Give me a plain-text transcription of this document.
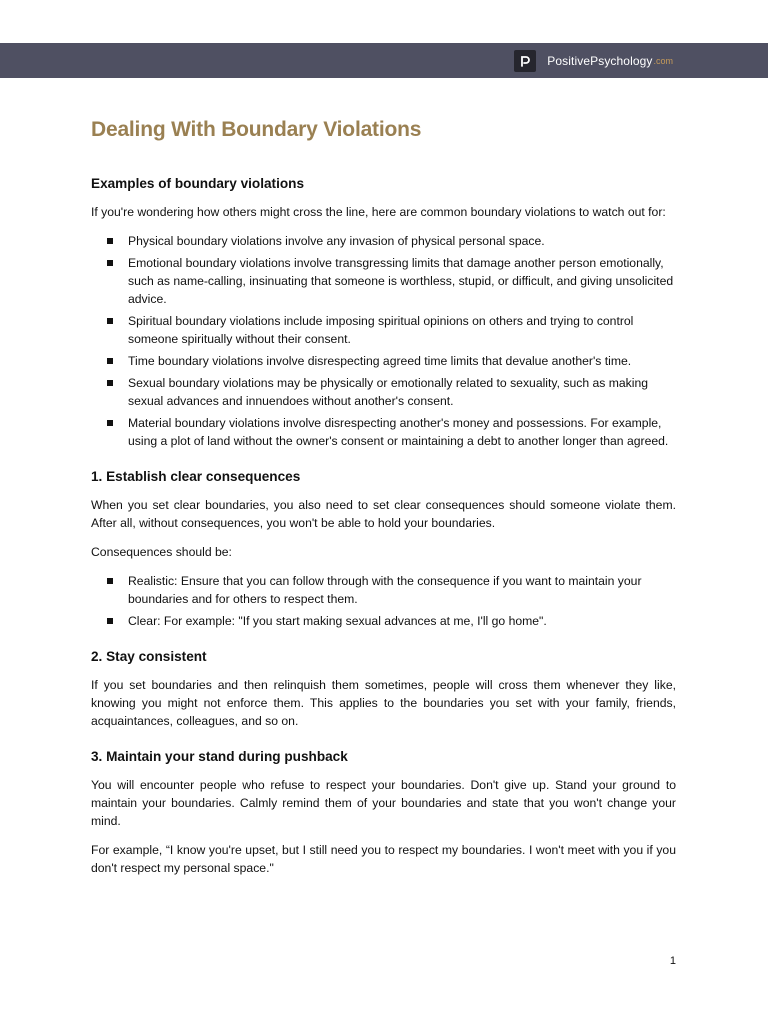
PositivePsychology .com
Dealing With Boundary Violations
Examples of boundary violations

If you're wondering how others might cross the line, here are common boundary violations to watch out for:

Physical boundary violations involve any invasion of physical personal space.
Emotional boundary violations involve transgressing limits that damage another person emotionally, such as name-calling, insinuating that someone is worthless, stupid, or difficult, and giving unsolicited advice.
Spiritual boundary violations include imposing spiritual opinions on others and trying to control someone spiritually without their consent.
Time boundary violations involve disrespecting agreed time limits that devalue another's time.
Sexual boundary violations may be physically or emotionally related to sexuality, such as making sexual advances and innuendoes without another's consent.
Material boundary violations involve disrespecting another's money and possessions. For example, using a plot of land without the owner's consent or maintaining a debt to another longer than agreed.
1. Establish clear consequences

When you set clear boundaries, you also need to set clear consequences should someone violate them. After all, without consequences, you won't be able to hold your boundaries.

Consequences should be:

Realistic: Ensure that you can follow through with the consequence if you want to maintain your boundaries and for others to respect them.
Clear: For example: "If you start making sexual advances at me, I'll go home".
2. Stay consistent

If you set boundaries and then relinquish them sometimes, people will cross them whenever they like, knowing you might not enforce them. This applies to the boundaries you set with your family, friends, acquaintances, colleagues, and so on.

3. Maintain your stand during pushback

You will encounter people who refuse to respect your boundaries. Don't give up. Stand your ground to maintain your boundaries. Calmly remind them of your boundaries and state that you won't change your mind.

For example, “I know you're upset, but I still need you to respect my boundaries. I won't meet with you if you don't respect my personal space."

1
